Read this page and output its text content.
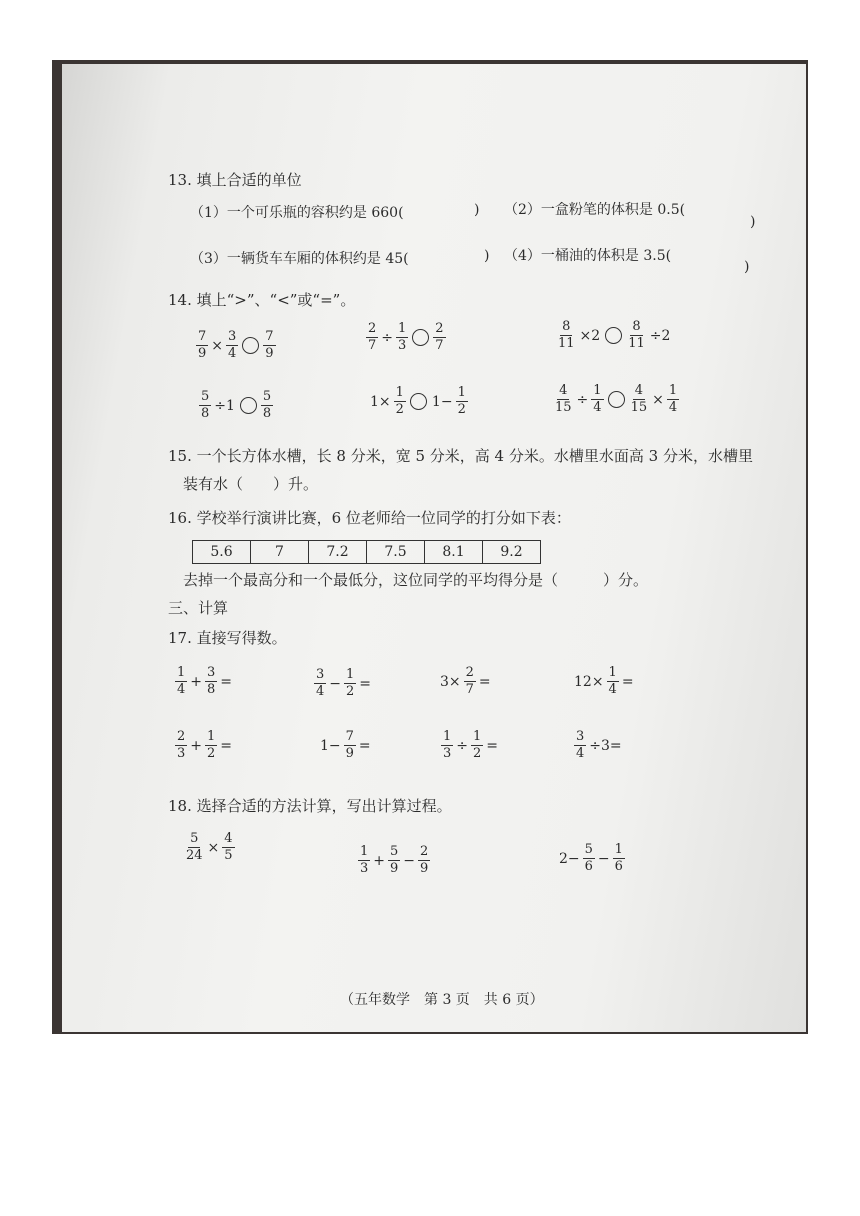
13. 填上合适的单位
（1）一个可乐瓶的容积约是 660(	) （2）一盒粉笔的体积是 0.5(
)
（3）一辆货车车厢的体积约是 45(	) （4）一桶油的体积是 3.5(
)
14. 填上“>”、“<”或“=”。
$\frac{7}{9} \times \frac{3}{4} \frac{7}{9}$	$\frac{2}{7} \div \frac{1}{3} \frac{2}{7}$	$\frac{8}{11} \times 2 \frac{8}{11} \div 2$
$\frac{5}{8} \div 1 \frac{5}{8}$	$1\times \frac{1}{2} 1- \frac{1}{2}$	$\frac{4}{15} \div \frac{1}{4} \frac{4}{15} \times \frac{1}{4}$
15. 一个长方体水槽，长 8 分米，宽 5 分米，高 4 分米。水槽里水面高 3 分米，水槽里
装有水（　　）升。
16. 学校举行演讲比赛，6 位老师给一位同学的打分如下表：
5.6	7	7.2	7.5	8.1	9.2
去掉一个最高分和一个最低分，这位同学的平均得分是（　　　）分。
三、计算
17. 直接写得数。
$\frac{1}{4} + \frac{3}{8}$ =	$\frac{3}{4} - \frac{1}{2}$ =	$3\times \frac{2}{7}$ =	$12\times \frac{1}{4}$ =
$\frac{2}{3} + \frac{1}{2}$ =	$1- \frac{7}{9}$ =	$\frac{1}{3} \div \frac{1}{2}$ =	$\frac{3}{4} \div 3=$
18. 选择合适的方法计算，写出计算过程。
$\frac{5}{24} \times \frac{4}{5}$	$\frac{1}{3} + \frac{5}{9} - \frac{2}{9}$	$2- \frac{5}{6} - \frac{1}{6}$
（五年数学　第 3 页　共 6 页）
